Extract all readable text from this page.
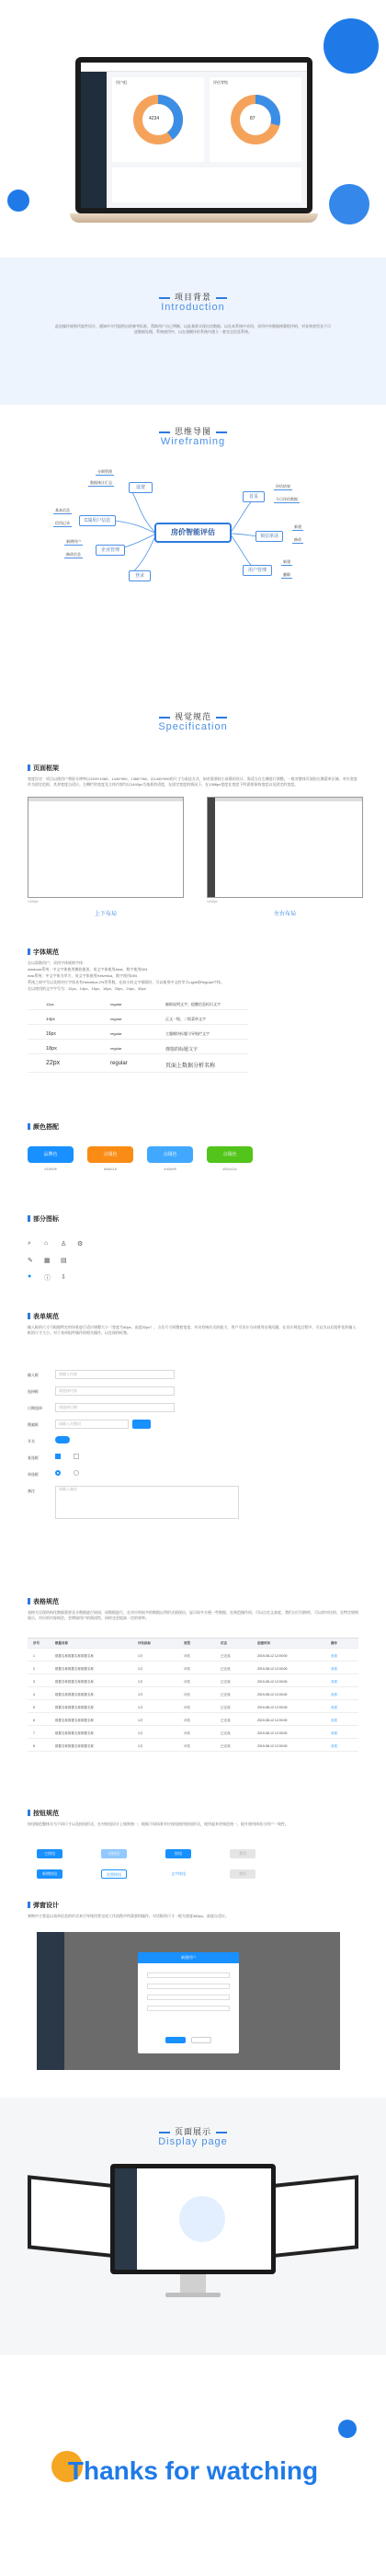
用户组
4234
评估等级
87
项目背景
Introduction
此次操作规则代软件设计，通知中介代提供出的参考标准，帮助用户自己判断，以此基准实现出房数据，以在本系统中采用，采用中央数据统算程序的，对各和类型及不可逆数据处理，系统使用中，以在建模评价系统内建立一套完全信息系统。
思维导图
Wireframing
房价智能评估
设置
C端用户信息
企业管理
登录
首页
预估单话
用户管理
分期管理
数据统计汇总
基本信息
信用记录
新增用户
修改信息
评估结果
今日评估数据
新建
修改
新建
删除
视觉规范
Specification
页面框架
宽度设定：项目以使用户将屏分辨率以1920*1080、1440*900、1366*768、以1440*900的尺寸为表达方式，如若需要较小屏幕的设计，需适当在左侧进行调整。一般对整体页面的左侧菜单区域，对应宽度作为固定范围，其余宽度自适应。左侧栏的宽度及主体内容均以1440px为基准的适度，在固定宽度的情况下，在1366px宽度在宽度下所需要保持宽度以及固定的宽度。
上下布局	左右布局
1440px	1440px
字体规范
在以需数用户，采用字体规则字体：
windows系统：中文字体使用微软雅黑，英文字体使用Arial，数字使用DIN
mac系统：中文字体为苹方，英文字体使用Helvetica，数字使用DIN
系统之间字号以及相对应字体具有Helvetica 2%等系数，在较小的文字排版时，可以使用中文的苹方Light或Regular字体。
在以使用的文字字号为：12px、14px、16px、18px、20px、24px、30px
12px	regular	辅助说明文字，提醒信息标识文字
14px	regular	正文一级，二级菜单文字
16px	regular	主题模块标题与导航栏文字
18px	regular	弹窗的标题文字
22px	regular	页面上数据分析名称
颜色搭配
品牌色	点缀色	点缀色	点缀色
#1890ff	#fa8c16	#40a9ff	#52c41a
部分图标
⌕ ⌂ ♙ ⚙
✎ ▦ ▤
● ⓘ ⇩
表单规范
输入框的尺寸可根据特定的场景进行适应调整大小（宽度为40px，高度32px），占位尺寸同整套宽度，并具有响应式的能力，用户可设计方向排列出现问题，在设计规范过程中，可以为以后组件化的输入框的尺寸大小。对于表单组件操作的相关操作，以在保持标签。
输入框	请输入内容
选择框	请选择内容
日期选择	请选择日期
搜索框	请输入关键词
开关
复选框
单选框
备注	请输入备注
表格规范
表格为呈现结构化数据重要及分数据进行较同，同数据进行，在对应的较多的数据以列形式展现出，显示较多方便一些数据，在规范操作同，可以自定义高度，我们自行切换时，可以的对比时，在特定规则展示，对应的内容间会，会增加用户的阅读性，同时也会提高一定的效率。
序号	数据名称	评估指标	类型	状态	创建时间	操作
1	数据名称数据名称数据名称	1月	评估	已完成	2019-08-12 12:00:00	查看
2	数据名称数据名称数据名称	1月	评估	已完成	2019-08-12 12:00:00	查看
3	数据名称数据名称数据名称	1月	评估	已完成	2019-08-12 12:00:00	查看
4	数据名称数据名称数据名称	1月	评估	已完成	2019-08-12 12:00:00	查看
5	数据名称数据名称数据名称	1月	评估	已完成	2019-08-12 12:00:00	查看
6	数据名称数据名称数据名称	1月	评估	已完成	2019-08-12 12:00:00	查看
7	数据名称数据名称数据名称	1月	评估	已完成	2019-08-12 12:00:00	查看
8	数据名称数据名称数据名称	1月	评估	已完成	2019-08-12 12:00:00	查看
按钮规范
按钮规范整体分为不同尺寸以及按钮形式，在对按钮设计上规则统一，根据不同场景对应按钮使用按钮形式，使用起来更规范统一，提升使用体验与用户一致性。
主按钮	次按钮	按钮	禁用
新增按钮	次要按钮	文字按钮	禁用
弹窗设计
弹窗中主要是以表单信息的形式来引导使用者完成工作流程中所需要的操作，对话框的尺寸一般为宽度480px、高度自适应。
新建用户
页面展示
Display page
Thanks for watching
